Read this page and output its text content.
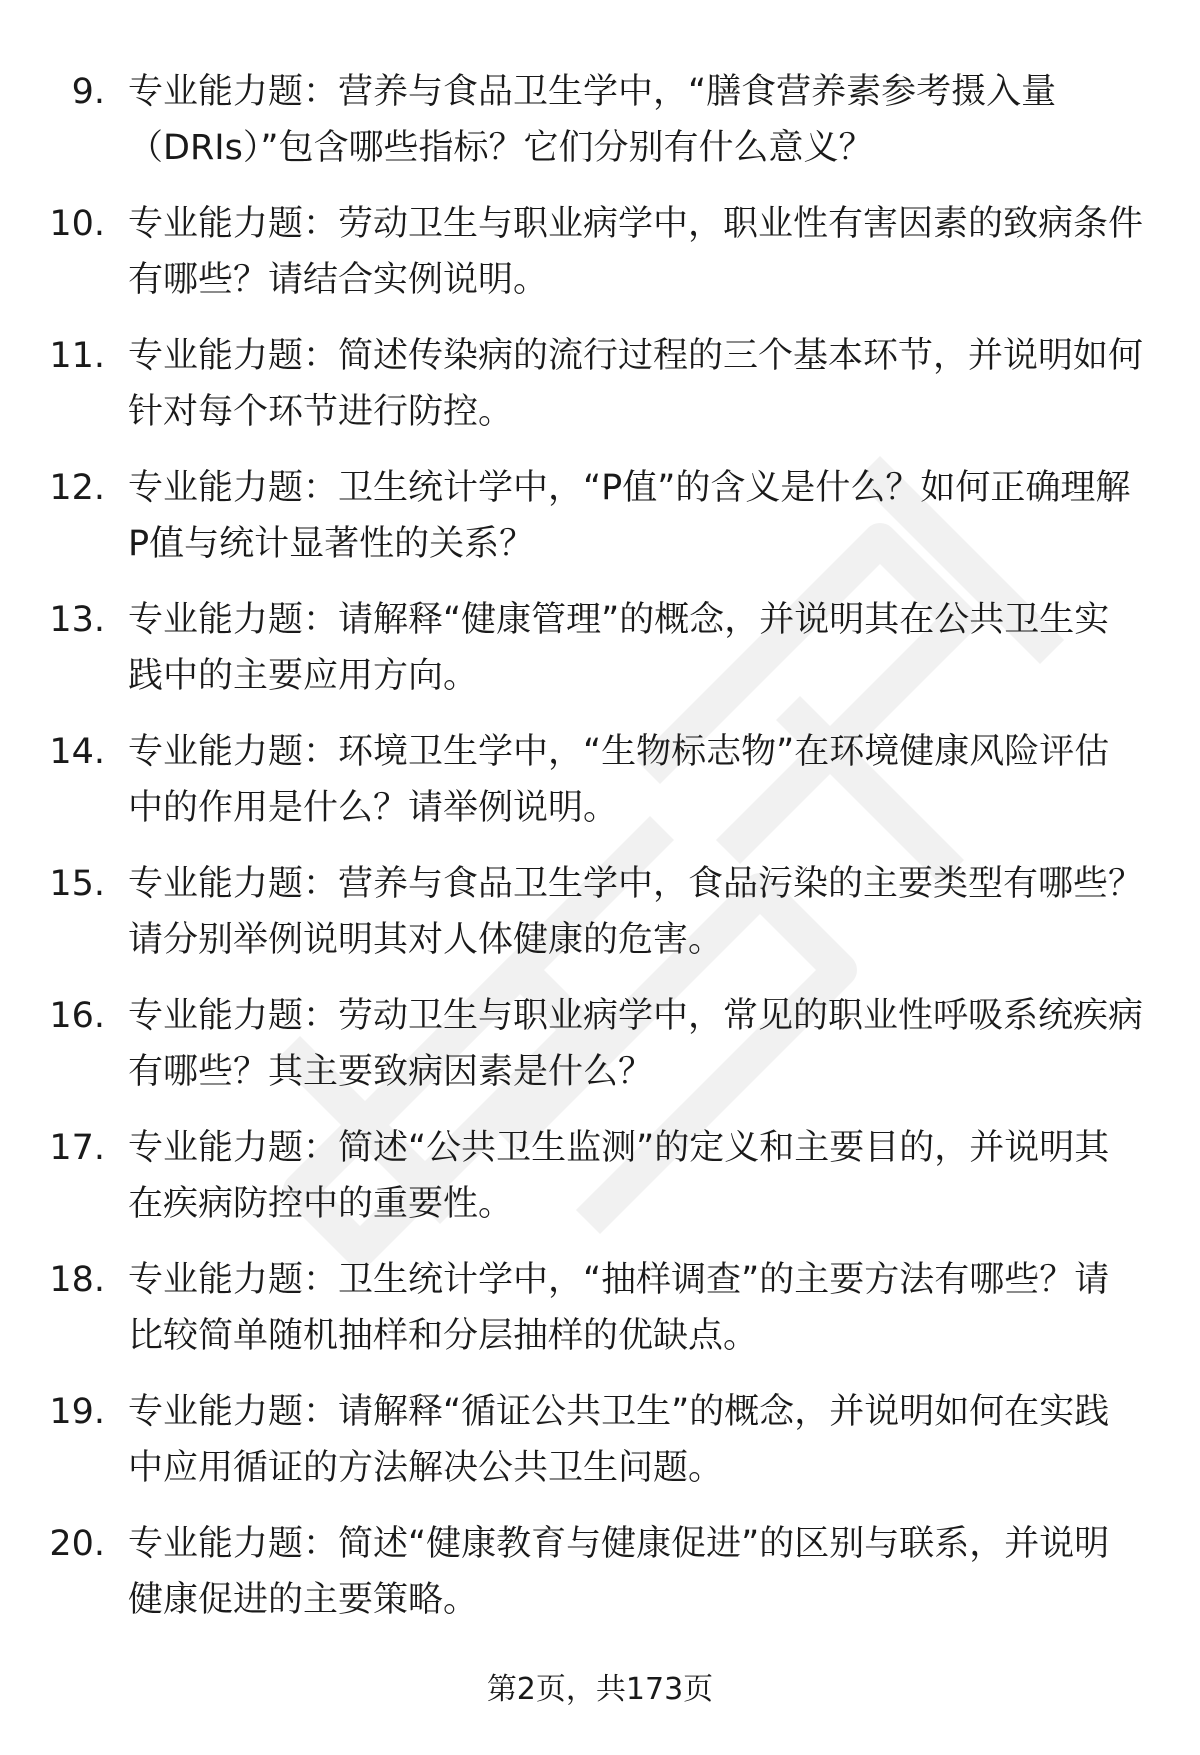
9. 专业能力题：营养与食品卫生学中，“膳食营养素参考摄入量（DRIs）”包含哪些指标？它们分别有什么意义？

10. 专业能力题：劳动卫生与职业病学中，职业性有害因素的致病条件有哪些？请结合实例说明。

11. 专业能力题：简述传染病的流行过程的三个基本环节，并说明如何针对每个环节进行防控。

12. 专业能力题：卫生统计学中，“P值”的含义是什么？如何正确理解P值与统计显著性的关系？

13. 专业能力题：请解释“健康管理”的概念，并说明其在公共卫生实践中的主要应用方向。

14. 专业能力题：环境卫生学中，“生物标志物”在环境健康风险评估中的作用是什么？请举例说明。

15. 专业能力题：营养与食品卫生学中，食品污染的主要类型有哪些？请分别举例说明其对人体健康的危害。

16. 专业能力题：劳动卫生与职业病学中，常见的职业性呼吸系统疾病有哪些？其主要致病因素是什么？

17. 专业能力题：简述“公共卫生监测”的定义和主要目的，并说明其在疾病防控中的重要性。

18. 专业能力题：卫生统计学中，“抽样调查”的主要方法有哪些？请比较简单随机抽样和分层抽样的优缺点。

19. 专业能力题：请解释“循证公共卫生”的概念，并说明如何在实践中应用循证的方法解决公共卫生问题。

20. 专业能力题：简述“健康教育与健康促进”的区别与联系，并说明健康促进的主要策略。

第2页，共173页
